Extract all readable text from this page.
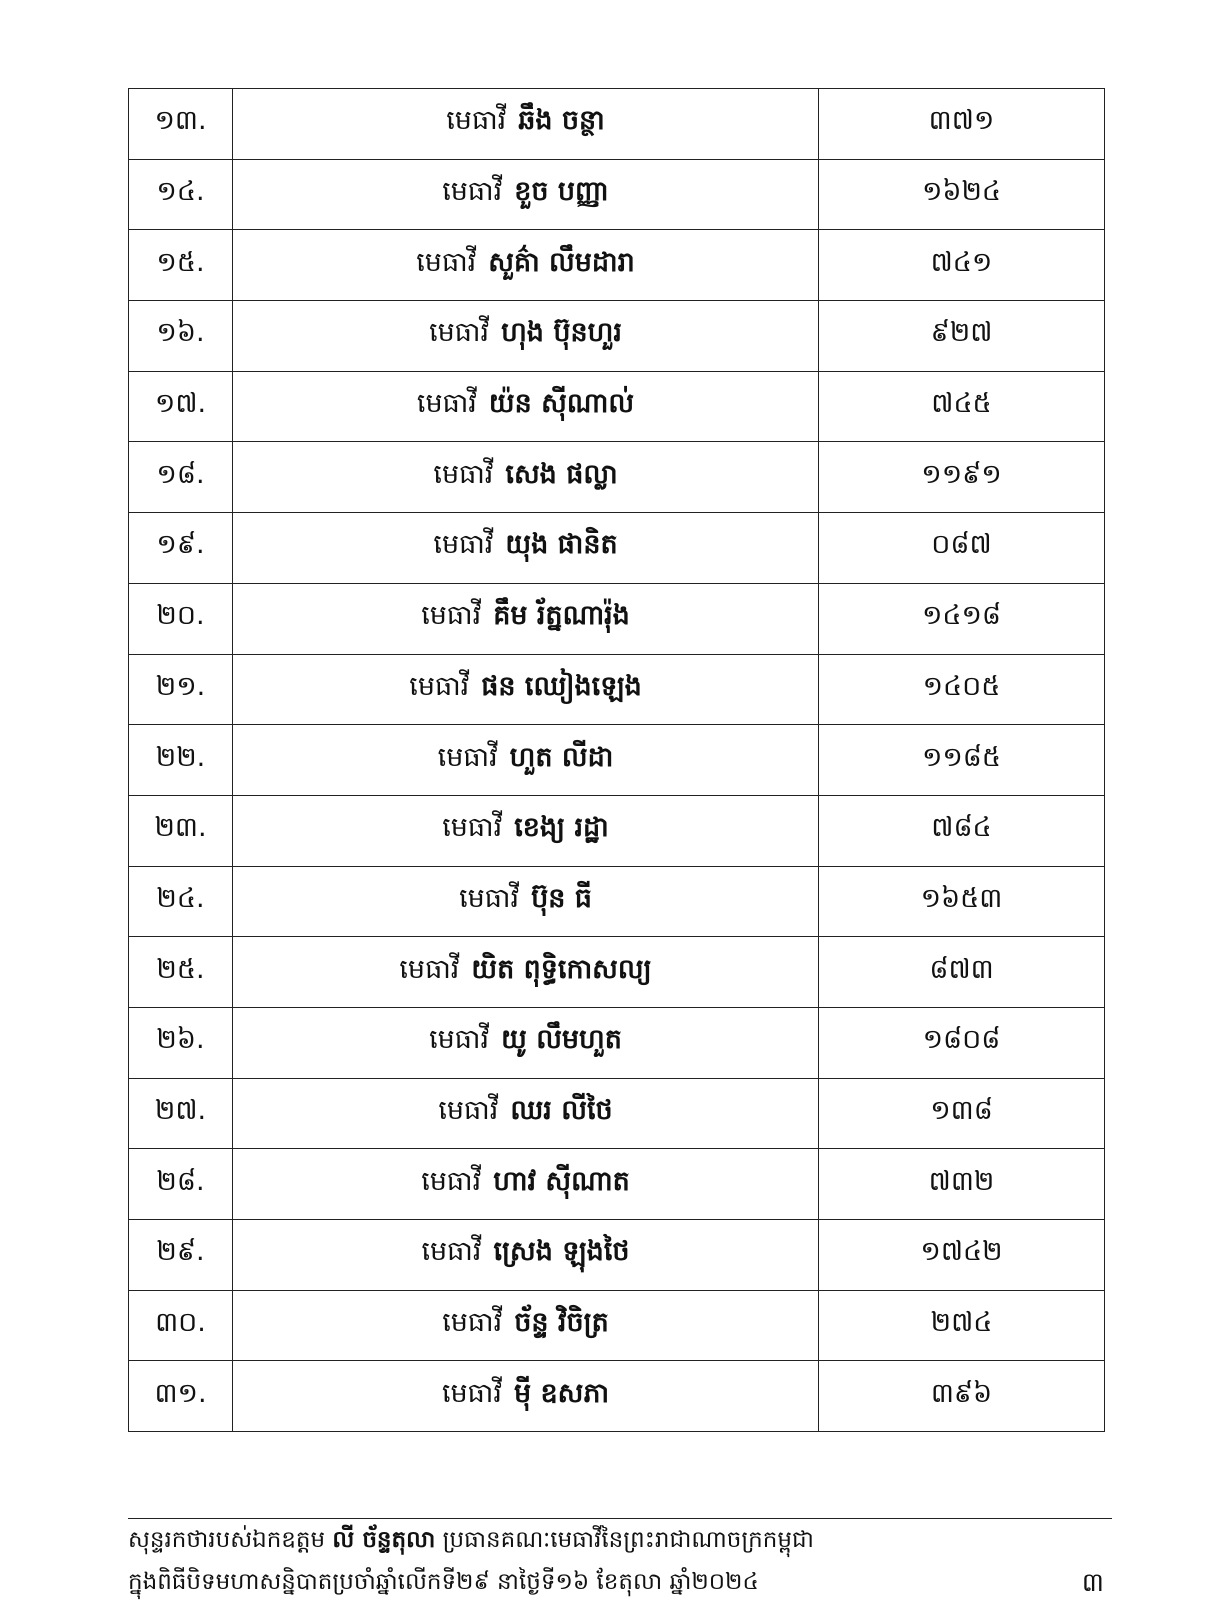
១៣.	មេធាវី ឆឹង ចន្ថា	៣៧១
១៤.	មេធាវី ខួច បញ្ញា	១៦២៤
១៥.	មេធាវី សួគ៌ា លឹមដារា	៧៤១
១៦.	មេធាវី ហុង ប៊ុនហួរ	៩២៧
១៧.	មេធាវី យ៉ន ស៊ីណាល់	៧៤៥
១៨.	មេធាវី សេង ផល្លា	១១៩១
១៩.	មេធាវី យុង ផានិត	០៨៧
២០.	មេធាវី គឹម រ័ត្នណារ៉ុង	១៤១៨
២១.	មេធាវី ផន ឈៀងឡេង	១៤០៥
២២.	មេធាវី ហួត លីដា	១១៨៥
២៣.	មេធាវី ខេង្យ រដ្ឋា	៧៨៤
២៤.	មេធាវី ប៊ុន ធី	១៦៥៣
២៥.	មេធាវី យិត ពុទ្ធិកោសល្យ	៨៧៣
២៦.	មេធាវី យូ លឹមហួត	១៨០៨
២៧.	មេធាវី ឈរ លីថៃ	១៣៨
២៨.	មេធាវី ហាវ ស៊ីណាត	៧៣២
២៩.	មេធាវី ស្រេង ឡុងថៃ	១៧៤២
៣០.	មេធាវី ច័ន្ទ វិចិត្រ	២៧៤
៣១.	មេធាវី ម៉ី ឧសភា	៣៩៦
សុន្ទរកថារបស់ឯកឧត្តម លី ច័ន្ទតុលា ប្រធានគណៈមេធាវីនៃព្រះរាជាណាចក្រកម្ពុជា
ក្នុងពិធីបិទមហាសន្និបាតប្រចាំឆ្នាំលើកទី២៩ នាថ្ងៃទី១៦ ខែតុលា ឆ្នាំ២០២៤	៣
